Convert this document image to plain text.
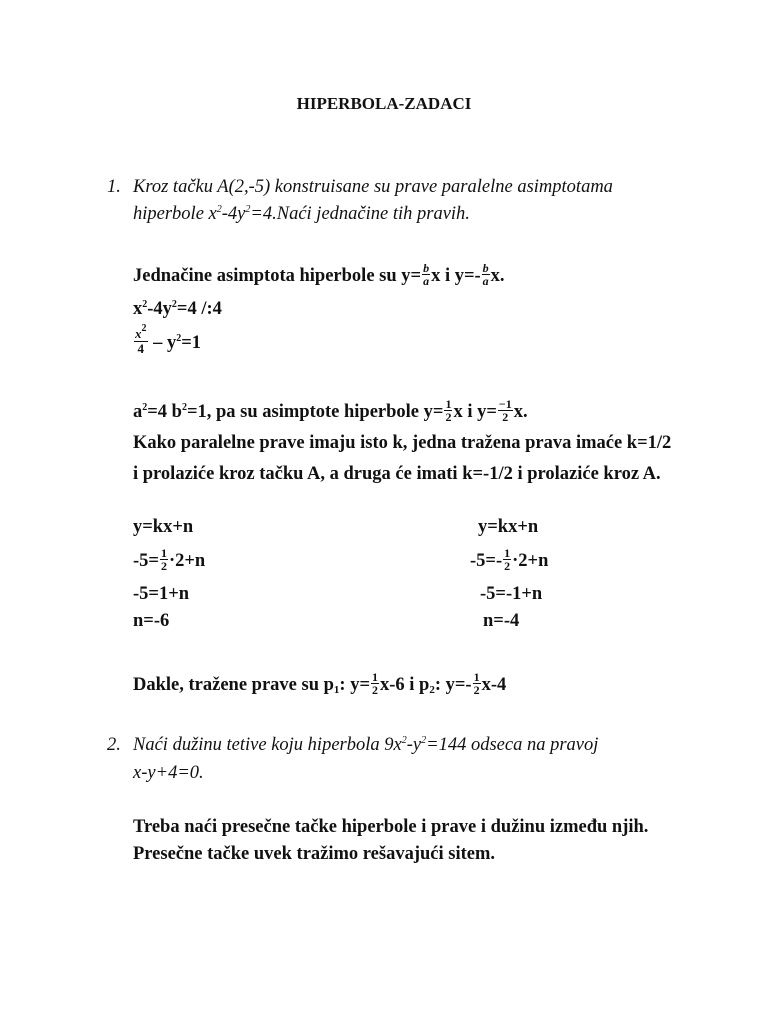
HIPERBOLA-ZADACI
1. Kroz tačku A(2,-5) konstruisane su prave paralelne asimptotama
hiperbole $x^2-4y^2=4.Naći$ jednačine tih pravih.
Jednačine asimptota hiperbole su $y= \frac{b}{a}$ x i $y=- \frac{b}{a} x$.
$x^2-4y^2=4$ /:4
$\frac{x^2}{4} - y^2=1$
$a^2=4$ $b^2=1$, pa su asimptote hiperbole $y= \frac{1}{2}$ x i $y= \frac{-1}{2} x$.
Kako paralelne prave imaju isto k, jedna tražena prava imaće k=1/2
i prolaziće kroz tačku A, a druga će imati k=-1/2 i prolaziće kroz A.
y=kx+n
$-5= \frac{1}{2} \cdot 2+n$
-5=1+n
n=-6
y=kx+n
$-5=- \frac{1}{2} \cdot 2+n$
-5=-1+n
n=-4
Dakle, tražene prave su $p_1$: $y= \frac{1}{2} x-6$ i $p_2$: $y=- \frac{1}{2} x-4$
2. Naći dužinu tetive koju hiperbola $9x^2-y^2=144$ odseca na pravoj
x-y+4=0.
Treba naći presečne tačke hiperbole i prave i dužinu između njih.
Presečne tačke uvek tražimo rešavajući sitem.
